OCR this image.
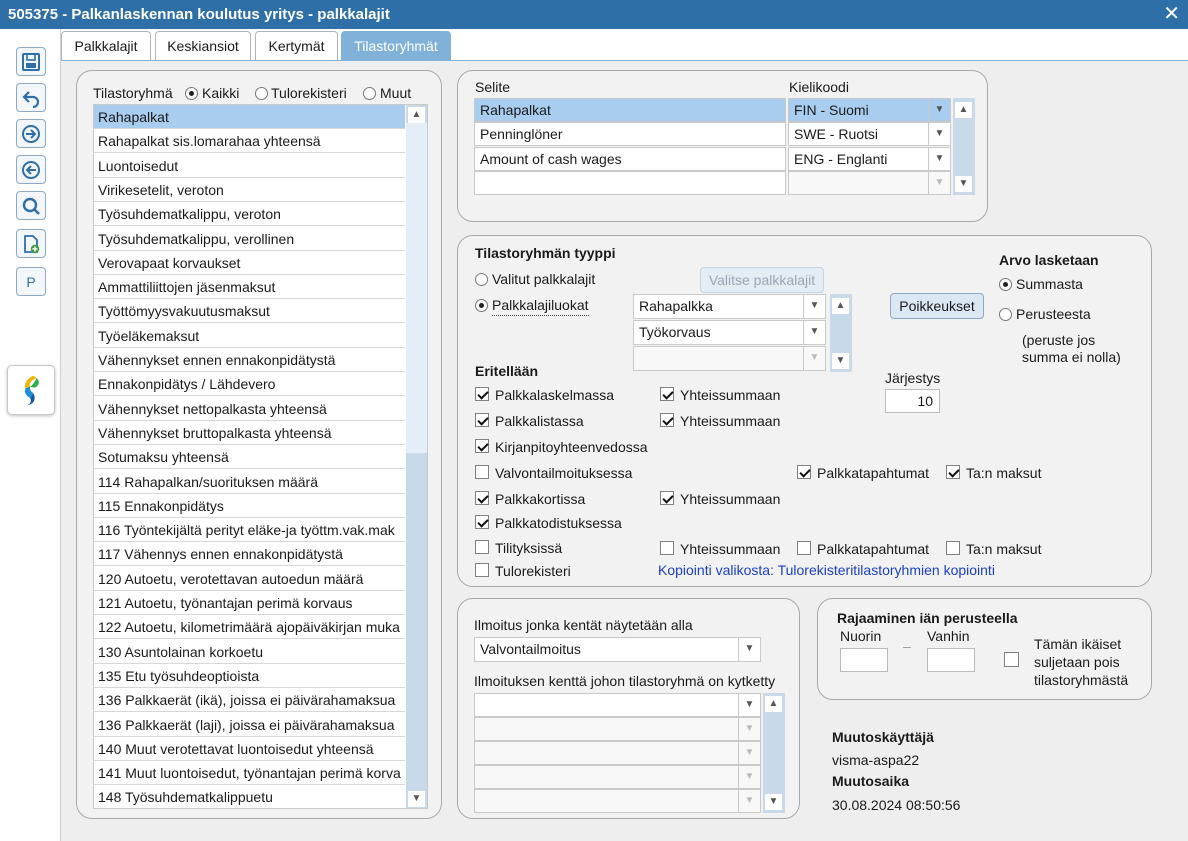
505375 - Palkanlaskennan koulutus yritys - palkkalajit	✕
P
Palkkalajit	Keskiansiot	Kertymät	Tilastoryhmät
Tilastoryhmä Kaikki Tulorekisteri Muut
148 Työsuhdematkalippuetu
141 Muut luontoisedut, työnantajan perimä korva
140 Muut verotettavat luontoisedut yhteensä
136 Palkkaerät (laji), joissa ei päivärahamaksua
136 Palkkaerät (ikä), joissa ei päivärahamaksua
135 Etu työsuhdeoptioista
130 Asuntolainan korkoetu
122 Autoetu, kilometrimäärä ajopäiväkirjan muka
121 Autoetu, työnantajan perimä korvaus
120 Autoetu, verotettavan autoedun määrä
117 Vähennys ennen ennakonpidätystä
116 Työntekijältä perityt eläke-ja työttm.vak.mak
115 Ennakonpidätys
114 Rahapalkan/suorituksen määrä
Sotumaksu yhteensä
Vähennykset bruttopalkasta yhteensä
Vähennykset nettopalkasta yhteensä
Ennakonpidätys / Lähdevero
Vähennykset ennen ennakonpidätystä
Työeläkemaksut
Työttömyysvakuutusmaksut
Ammattiliittojen jäsenmaksut
Verovapaat korvaukset
Työsuhdematkalippu, verollinen
Työsuhdematkalippu, veroton
Virikesetelit, veroton
Luontoisedut
Rahapalkat sis.lomarahaa yhteensä
Rahapalkat	▲
▼
Selite	Kielikoodi
Rahapalkat	FIN - Suomi	▼
Penninglöner	SWE - Ruotsi	▼
Amount of cash wages	ENG - Englanti	▼
▼
▲
▼
Tilastoryhmän tyyppi
Valitut palkkalajit
Palkkalajiluokat
Valitse palkkalajit
Rahapalkka	▼
Työkorvaus	▼
▼
▲
▼
Poikkeukset
Arvo lasketaan
Summasta
Perusteesta
(peruste jos
summa ei nolla)
Järjestys
10
Eritellään
Palkkalaskelmassa	Yhteissummaan
Palkkalistassa	Yhteissummaan
Kirjanpitoyhteenvedossa
Valvontailmoituksessa	Palkkatapahtumat	Ta:n maksut
Palkkakortissa	Yhteissummaan
Palkkatodistuksessa
Tilityksissä	Yhteissummaan	Palkkatapahtumat	Ta:n maksut
Tulorekisteri	Kopiointi valikosta: Tulorekisteritilastoryhmien kopiointi
Ilmoitus jonka kentät näytetään alla
Valvontailmoitus	▼
Ilmoituksen kenttä johon tilastoryhmä on kytketty
▼
▼
▼
▼
▼
▲
▼
Rajaaminen iän perusteella
Nuorin	Vanhin
–	Tämän ikäiset
suljetaan pois
tilastoryhmästä
Muutoskäyttäjä
visma-aspa22
Muutosaika
30.08.2024 08:50:56
